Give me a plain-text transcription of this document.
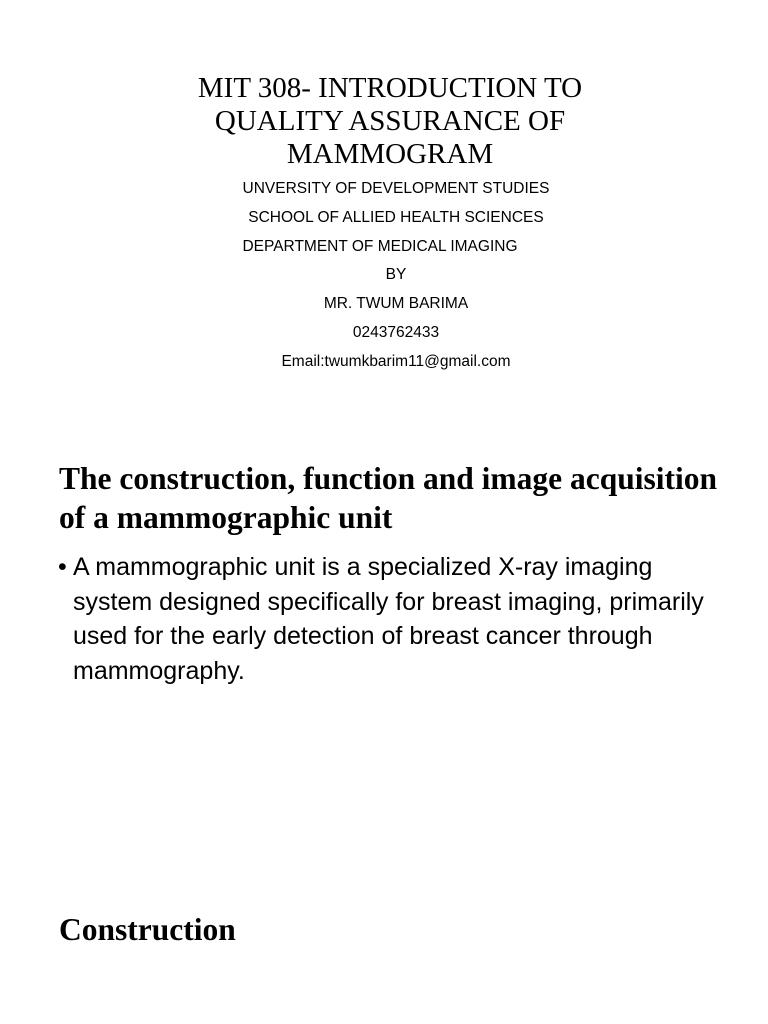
MIT 308- INTRODUCTION TO
QUALITY ASSURANCE OF
MAMMOGRAM
UNVERSITY OF DEVELOPMENT STUDIES
SCHOOL OF ALLIED HEALTH SCIENCES
DEPARTMENT OF MEDICAL IMAGING
BY
MR. TWUM BARIMA
0243762433
Email:twumkbarim11@gmail.com
The construction, function and image acquisition of a mammographic unit
• A mammographic unit is a specialized X-ray imaging system designed specifically for breast imaging, primarily used for the early detection of breast cancer through mammography.
Construction
